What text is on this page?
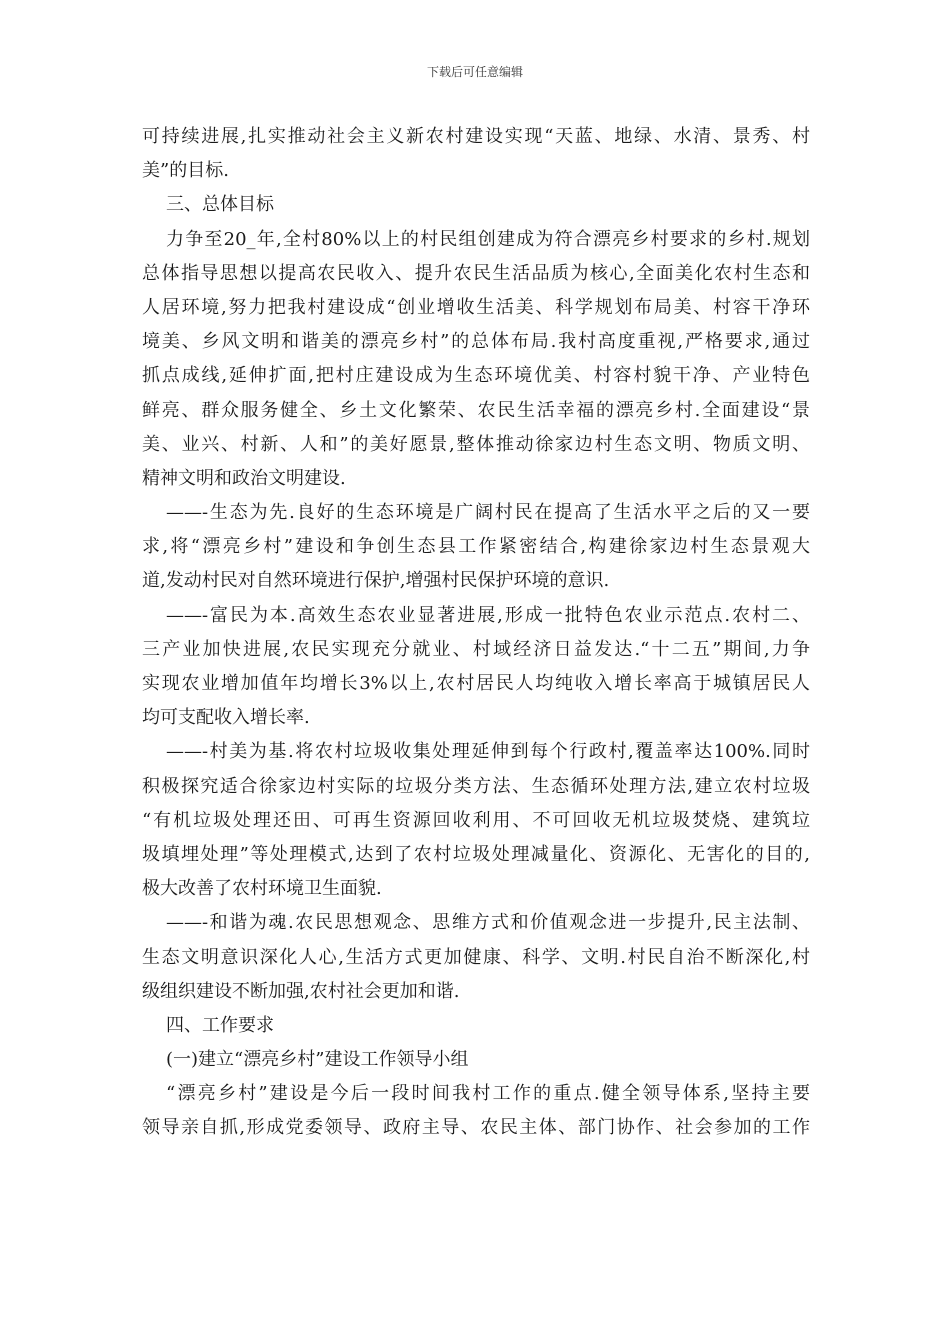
下载后可任意编辑
可持续进展,扎实推动社会主义新农村建设实现“天蓝、地绿、水清、景秀、村
美”的目标.
三、总体目标
力争至20_年,全村80%以上的村民组创建成为符合漂亮乡村要求的乡村.规划
总体指导思想以提高农民收入、提升农民生活品质为核心,全面美化农村生态和
人居环境,努力把我村建设成“创业增收生活美、科学规划布局美、村容干净环
境美、乡风文明和谐美的漂亮乡村”的总体布局.我村高度重视,严格要求,通过
抓点成线,延伸扩面,把村庄建设成为生态环境优美、村容村貌干净、产业特色
鲜亮、群众服务健全、乡土文化繁荣、农民生活幸福的漂亮乡村.全面建设“景
美、业兴、村新、人和”的美好愿景,整体推动徐家边村生态文明、物质文明、
精神文明和政治文明建设.
——-生态为先.良好的生态环境是广阔村民在提高了生活水平之后的又一要
求,将“漂亮乡村”建设和争创生态县工作紧密结合,构建徐家边村生态景观大
道,发动村民对自然环境进行保护,增强村民保护环境的意识.
——-富民为本.高效生态农业显著进展,形成一批特色农业示范点.农村二、
三产业加快进展,农民实现充分就业、村域经济日益发达.“十二五”期间,力争
实现农业增加值年均增长3%以上,农村居民人均纯收入增长率高于城镇居民人
均可支配收入增长率.
——-村美为基.将农村垃圾收集处理延伸到每个行政村,覆盖率达100%.同时
积极探究适合徐家边村实际的垃圾分类方法、生态循环处理方法,建立农村垃圾
“有机垃圾处理还田、可再生资源回收利用、不可回收无机垃圾焚烧、建筑垃
圾填埋处理”等处理模式,达到了农村垃圾处理减量化、资源化、无害化的目的,
极大改善了农村环境卫生面貌.
——-和谐为魂.农民思想观念、思维方式和价值观念进一步提升,民主法制、
生态文明意识深化人心,生活方式更加健康、科学、文明.村民自治不断深化,村
级组织建设不断加强,农村社会更加和谐.
四、工作要求
(一)建立“漂亮乡村”建设工作领导小组
“漂亮乡村”建设是今后一段时间我村工作的重点.健全领导体系,坚持主要
领导亲自抓,形成党委领导、政府主导、农民主体、部门协作、社会参加的工作
